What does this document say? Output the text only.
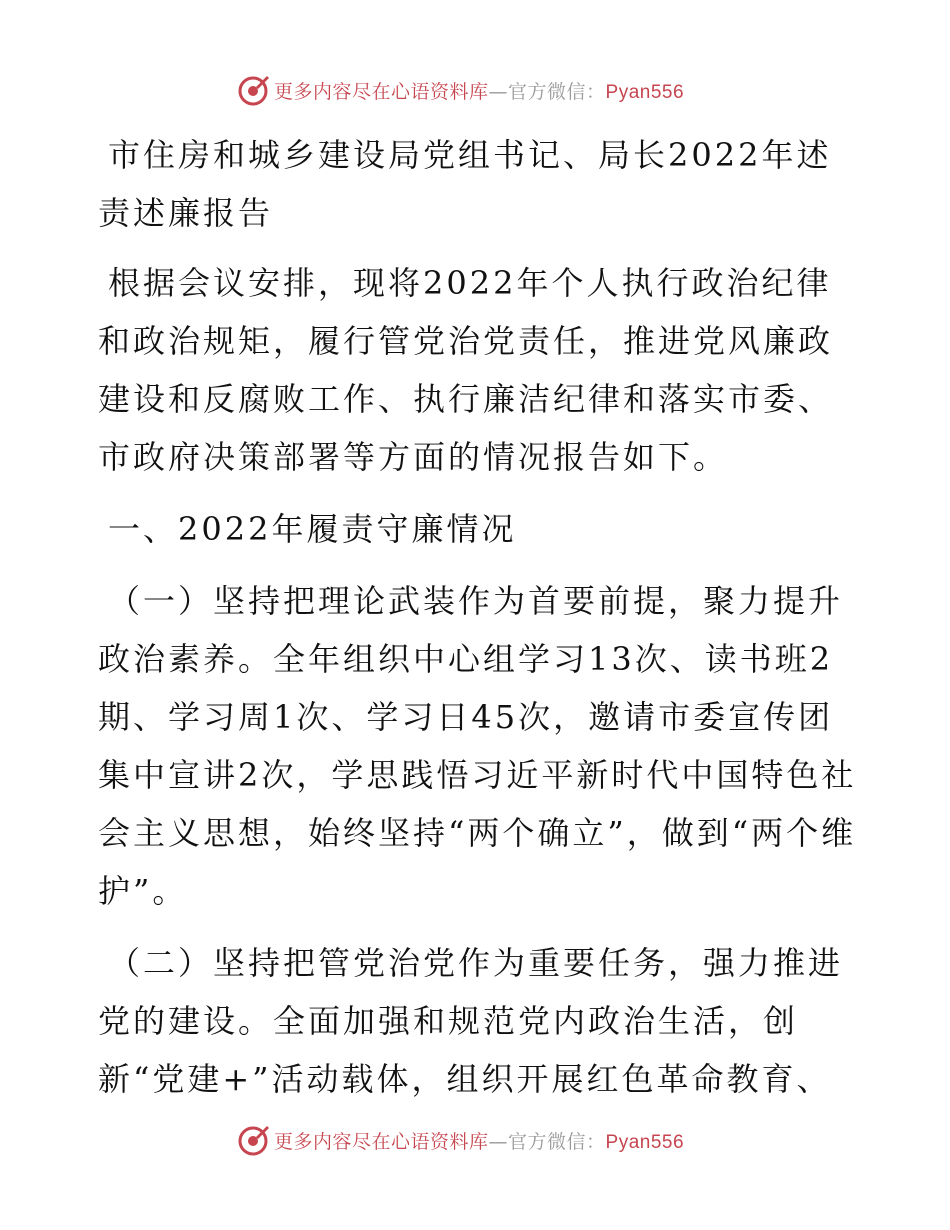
更多内容尽在心语资料库—官方微信：Pyan556

市住房和城乡建设局党组书记、局长2022年述责述廉报告

根据会议安排，现将2022年个人执行政治纪律和政治规矩，履行管党治党责任，推进党风廉政建设和反腐败工作、执行廉洁纪律和落实市委、市政府决策部署等方面的情况报告如下。

一、2022年履责守廉情况

（一）坚持把理论武装作为首要前提，聚力提升政治素养。全年组织中心组学习13次、读书班2期、学习周1次、学习日45次，邀请市委宣传团集中宣讲2次，学思践悟习近平新时代中国特色社会主义思想，始终坚持“两个确立”，做到“两个维护”。

（二）坚持把管党治党作为重要任务，强力推进党的建设。全面加强和规范党内政治生活，创新“党建+”活动载体，组织开展红色革命教育、

更多内容尽在心语资料库—官方微信：Pyan556
